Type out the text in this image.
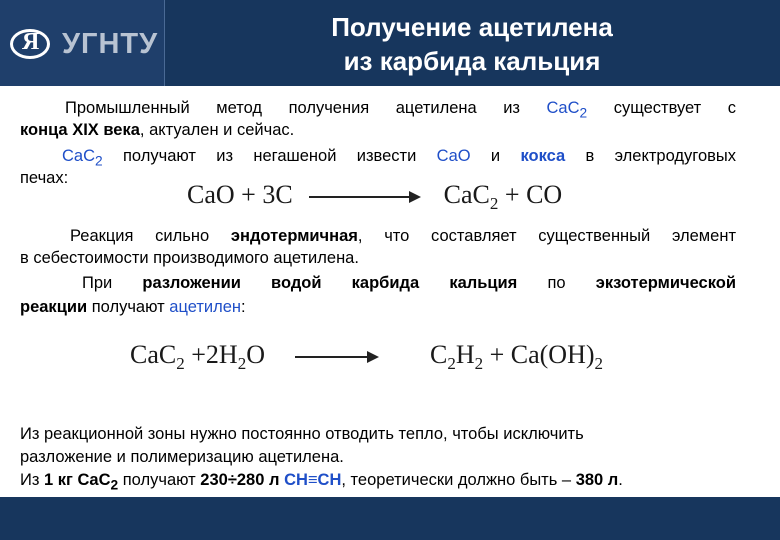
Я УГНТУ
Получение ацетилена
из карбида кальция
Промышленный метод получения ацетилена из CaC$_2$ существует с
конца XIX века, актуален и сейчас.
CaC$_2$ получают из негашеной извести CaO и кокса в электродуговых
печах:
CaO + 3C	CaC$_2$ + CO
Реакция сильно эндотермичная, что составляет существенный элемент
в себестоимости производимого ацетилена.
При разложении водой карбида кальция по экзотермической
реакции получают ацетилен:
$CaC_2 +2H_2O$	$C_2H_2 + Ca(OH)_2$
Из реакционной зоны нужно постоянно отводить тепло, чтобы исключить
разложение и полимеризацию ацетилена.
Из 1 кг CaC$_2$ получают 230÷280 л CH≡CH, теоретически должно быть – 380 л.
